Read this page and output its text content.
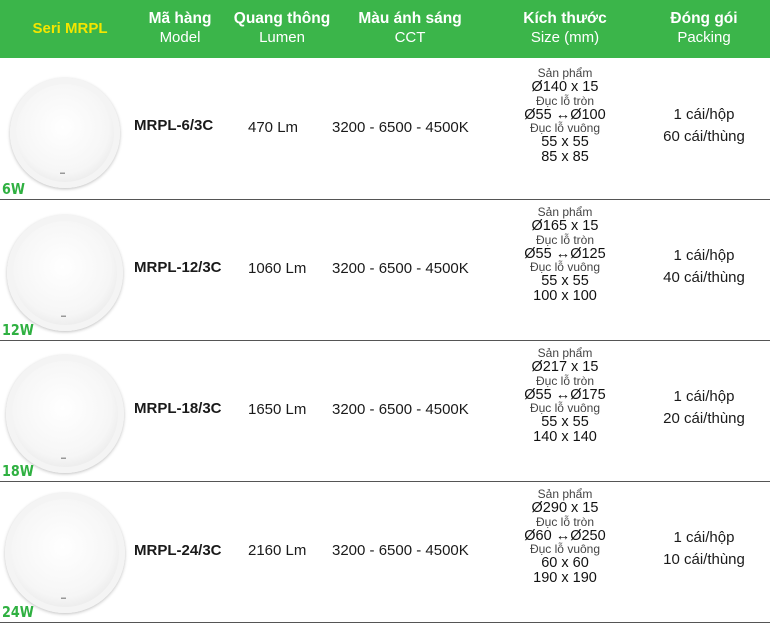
Seri MRPL
Mã hàng
Model
Quang thông
Lumen
Màu ánh sáng
CCT
Kích thước
Size (mm)
Đóng gói
Packing
▬
6W
MRPL-6/3C 470 Lm 3200 - 6500 - 4500K
Sản phẩm
Ø140 x 15
Đục lỗ tròn
Ø55 ↔Ø100
Đục lỗ vuông
55 x 55
85 x 85
1 cái/hộp
60 cái/thùng
▬
12W
MRPL-12/3C 1060 Lm 3200 - 6500 - 4500K
Sản phẩm
Ø165 x 15
Đục lỗ tròn
Ø55 ↔Ø125
Đục lỗ vuông
55 x 55
100 x 100
1 cái/hộp
40 cái/thùng
▬
18W
MRPL-18/3C 1650 Lm 3200 - 6500 - 4500K
Sản phẩm
Ø217 x 15
Đục lỗ tròn
Ø55 ↔Ø175
Đục lỗ vuông
55 x 55
140 x 140
1 cái/hộp
20 cái/thùng
▬
24W
MRPL-24/3C 2160 Lm 3200 - 6500 - 4500K
Sản phẩm
Ø290 x 15
Đục lỗ tròn
Ø60 ↔Ø250
Đục lỗ vuông
60 x 60
190 x 190
1 cái/hộp
10 cái/thùng
